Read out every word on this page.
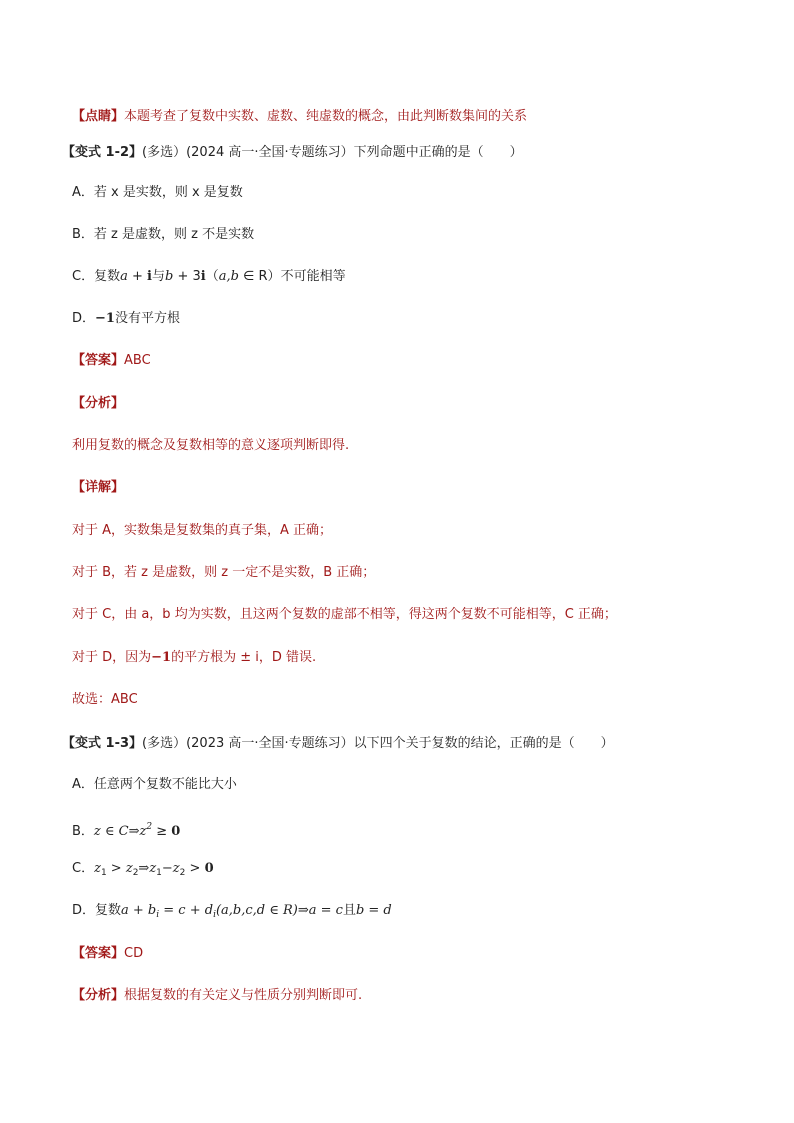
【点睛】本题考查了复数中实数、虚数、纯虚数的概念，由此判断数集间的关系
【变式 1-2】(多选）(2024 高一·全国·专题练习）下列命题中正确的是（　　）
A．若 x 是实数，则 x 是复数
B．若 z 是虚数，则 z 不是实数
C．复数a + i与b + 3i（a,b ∈ R）不可能相等
D．−1没有平方根
【答案】ABC
【分析】
利用复数的概念及复数相等的意义逐项判断即得.
【详解】
对于 A，实数集是复数集的真子集，A 正确；
对于 B，若 z 是虚数，则 z 一定不是实数，B 正确；
对于 C，由 a，b 均为实数，且这两个复数的虚部不相等，得这两个复数不可能相等，C 正确；
对于 D，因为−1的平方根为 ± i，D 错误.
故选：ABC
【变式 1-3】(多选）(2023 高一·全国·专题练习）以下四个关于复数的结论，正确的是（　　）
A．任意两个复数不能比大小
B．z ∈ $C\Rightarrow z^2 \ge 0$
C．$z_1$ > $z_2\Rightarrow z_1-z_2 > 0$
D．复数$a + b_i = c + d_i(a,b,c,d$ ∈ R)⇒a = c且b = d
【答案】CD
【分析】根据复数的有关定义与性质分别判断即可.
